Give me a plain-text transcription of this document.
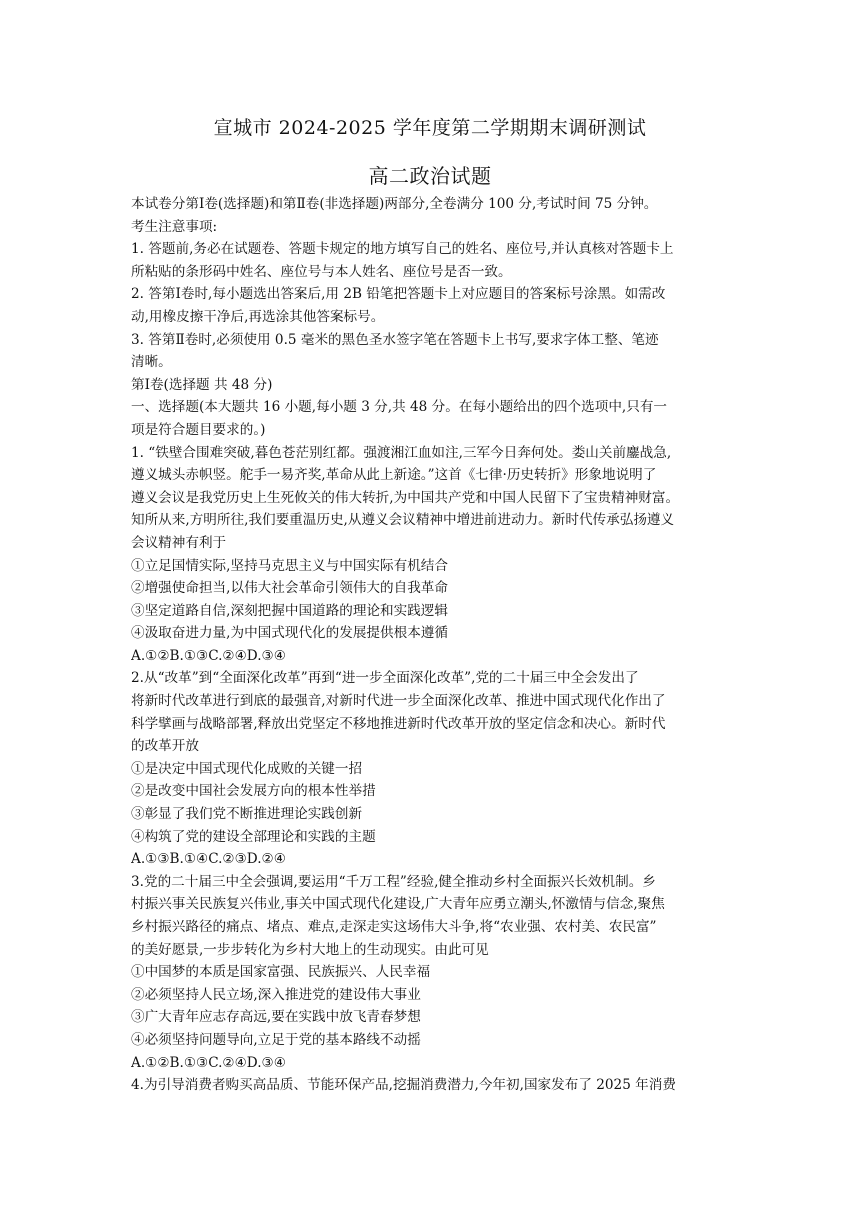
宣城市 2024-2025 学年度第二学期期末调研测试
高二政治试题
本试卷分第Ⅰ卷(选择题)和第Ⅱ卷(非选择题)两部分,全卷满分 100 分,考试时间 75 分钟。
考生注意事项:
1. 答题前,务必在试题卷、答题卡规定的地方填写自己的姓名、座位号,并认真核对答题卡上
所粘贴的条形码中姓名、座位号与本人姓名、座位号是否一致。
2. 答第Ⅰ卷时,每小题选出答案后,用 2B 铅笔把答题卡上对应题目的答案标号涂黑。如需改
动,用橡皮擦干净后,再选涂其他答案标号。
3. 答第Ⅱ卷时,必须使用 0.5 毫米的黑色圣水签字笔在答题卡上书写,要求字体工整、笔迹
清晰。
第Ⅰ卷(选择题 共 48 分)
一、选择题(本大题共 16 小题,每小题 3 分,共 48 分。在每小题给出的四个选项中,只有一
项是符合题目要求的。)
1. “铁壁合围难突破,暮色苍茫别红都。强渡湘江血如注,三军今日奔何处。娄山关前鏖战急,
遵义城头赤帜竖。舵手一易齐奖,革命从此上新途。”这首《七律·历史转折》形象地说明了
遵义会议是我党历史上生死攸关的伟大转折,为中国共产党和中国人民留下了宝贵精神财富。
知所从来,方明所往,我们要重温历史,从遵义会议精神中增进前进动力。新时代传承弘扬遵义
会议精神有利于
①立足国情实际,坚持马克思主义与中国实际有机结合
②增强使命担当,以伟大社会革命引领伟大的自我革命
③坚定道路自信,深刻把握中国道路的理论和实践逻辑
④汲取奋进力量,为中国式现代化的发展提供根本遵循
A.①②B.①③C.②④D.③④
2.从“改革”到“全面深化改革”再到“进一步全面深化改革”,党的二十届三中全会发出了
将新时代改革进行到底的最强音,对新时代进一步全面深化改革、推进中国式现代化作出了
科学擘画与战略部署,释放出党坚定不移地推进新时代改革开放的坚定信念和决心。新时代
的改革开放
①是决定中国式现代化成败的关键一招
②是改变中国社会发展方向的根本性举措
③彰显了我们党不断推进理论实践创新
④构筑了党的建设全部理论和实践的主题
A.①③B.①④C.②③D.②④
3.党的二十届三中全会强调,要运用“千万工程”经验,健全推动乡村全面振兴长效机制。乡
村振兴事关民族复兴伟业,事关中国式现代化建设,广大青年应勇立潮头,怀激情与信念,聚焦
乡村振兴路径的痛点、堵点、难点,走深走实这场伟大斗争,将“农业强、农村美、农民富”
的美好愿景,一步步转化为乡村大地上的生动现实。由此可见
①中国梦的本质是国家富强、民族振兴、人民幸福
②必须坚持人民立场,深入推进党的建设伟大事业
③广大青年应志存高远,要在实践中放飞青春梦想
④必须坚持问题导向,立足于党的基本路线不动摇
A.①②B.①③C.②④D.③④
4.为引导消费者购买高品质、节能环保产品,挖掘消费潜力,今年初,国家发布了 2025 年消费
